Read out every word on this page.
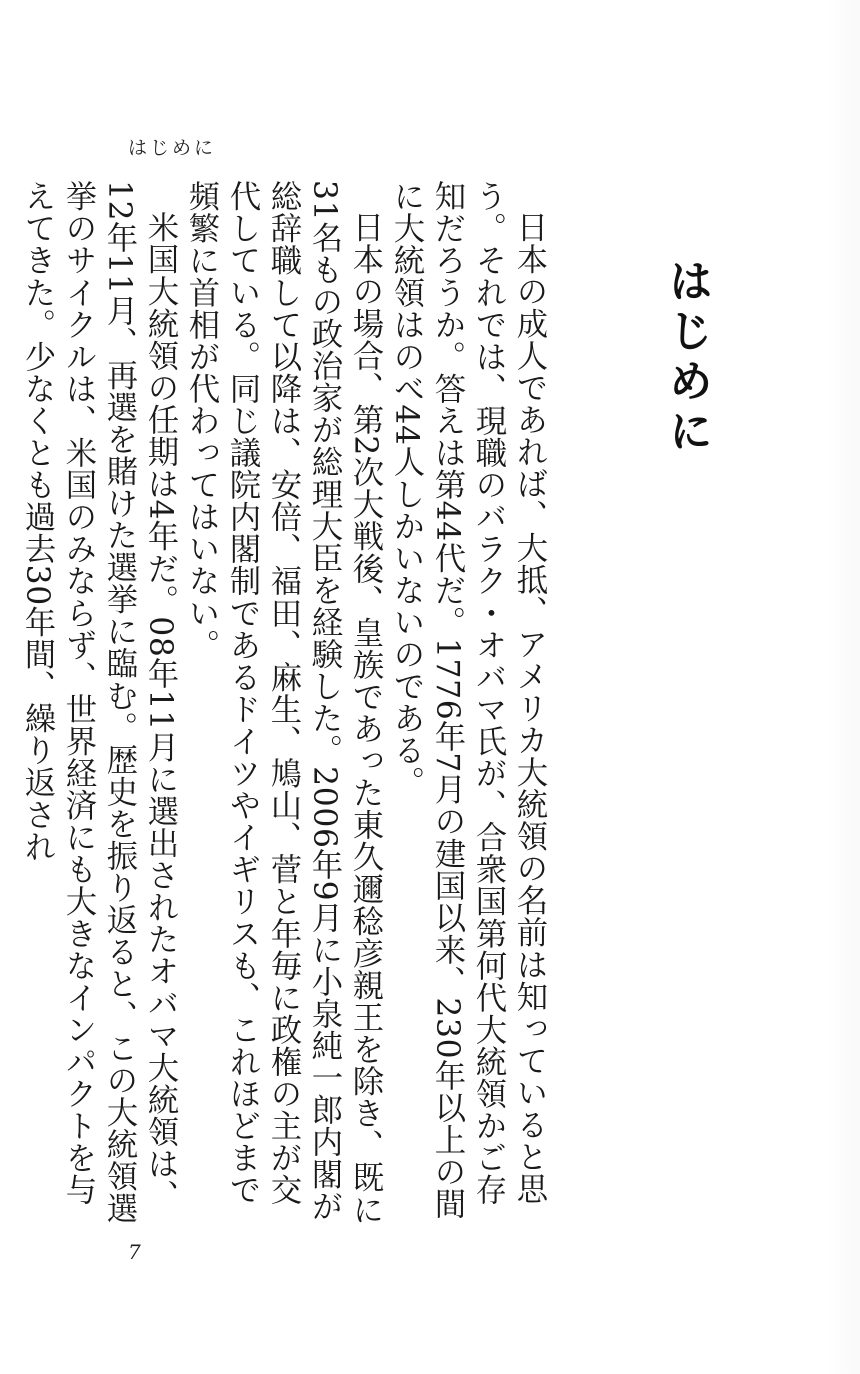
はじめに
はじめに

日本の成人であれば、大抵、アメリカ大統領の名前は知っていると思う。それでは、現職のバラク・オバマ氏が、合衆国第何代大統領かご存知だろうか。答えは第44代だ。1776年7月の建国以来、230年以上の間に大統領はのべ44人しかいないのである。

日本の場合、第2次大戦後、皇族であった東久邇稔彦親王を除き、既に31名もの政治家が総理大臣を経験した。2006年9月に小泉純一郎内閣が総辞職して以降は、安倍、福田、麻生、鳩山、菅と年毎に政権の主が交代している。同じ議院内閣制であるドイツやイギリスも、これほどまで頻繁に首相が代わってはいない。

米国大統領の任期は4年だ。08年11月に選出されたオバマ大統領は、12年11月、再選を賭けた選挙に臨む。歴史を振り返ると、この大統領選挙のサイクルは、米国のみならず、世界経済にも大きなインパクトを与えてきた。少なくとも過去30年間、繰り返され

7
